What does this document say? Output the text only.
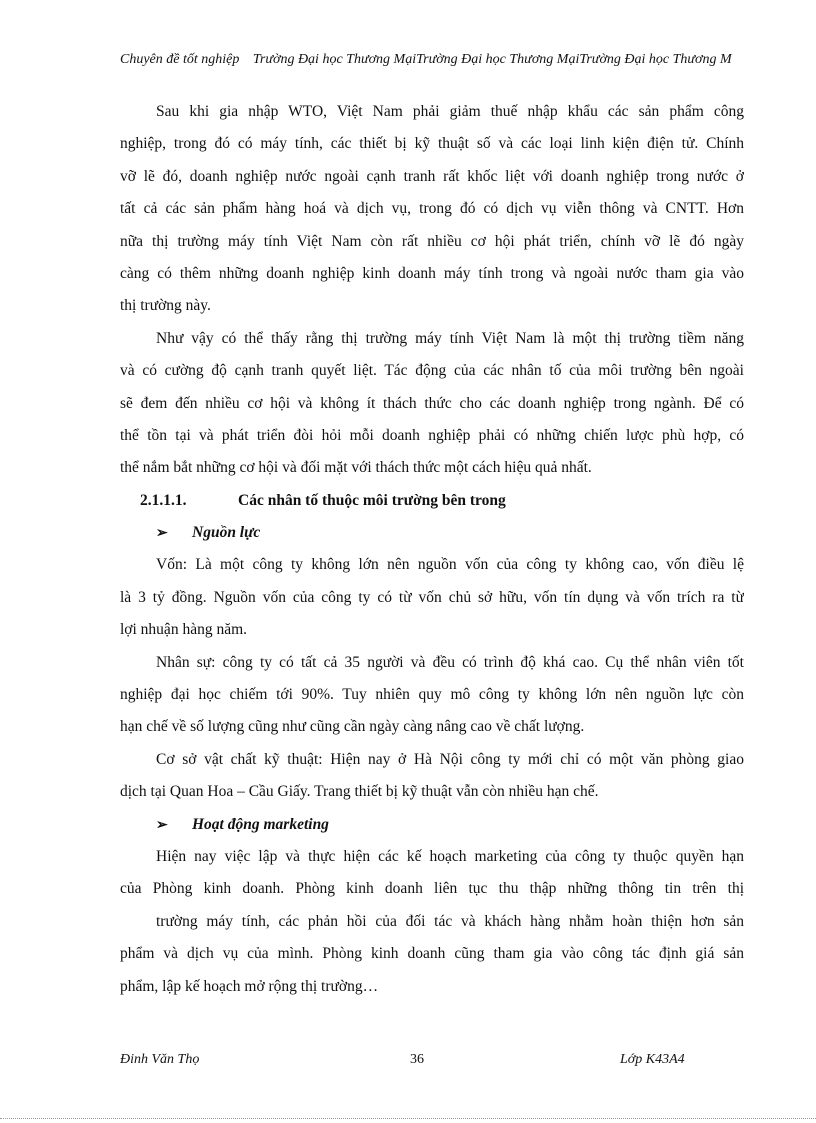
Chuyên đề tốt nghiệp Trường Đại học Thương MạiTrường Đại học Thương MạiTrường Đại học Thương M
Sau khi gia nhập WTO, Việt Nam phải giảm thuế nhập khẩu các sản phẩm công
nghiệp, trong đó có máy tính, các thiết bị kỹ thuật số và các loại linh kiện điện tử. Chính
vỡ lẽ đó, doanh nghiệp nước ngoài cạnh tranh rất khốc liệt với doanh nghiệp trong nước ở
tất cả các sản phẩm hàng hoá và dịch vụ, trong đó có dịch vụ viễn thông và CNTT. Hơn
nữa thị trường máy tính Việt Nam còn rất nhiều cơ hội phát triển, chính vỡ lẽ đó ngày
càng có thêm những doanh nghiệp kinh doanh máy tính trong và ngoài nước tham gia vào
thị trường này.
Như vậy có thể thấy rằng thị trường máy tính Việt Nam là một thị trường tiềm năng
và có cường độ cạnh tranh quyết liệt. Tác động của các nhân tố của môi trường bên ngoài
sẽ đem đến nhiều cơ hội và không ít thách thức cho các doanh nghiệp trong ngành. Để có
thể tồn tại và phát triển đòi hỏi mỗi doanh nghiệp phải có những chiến lược phù hợp, có
thể nắm bắt những cơ hội và đối mặt với thách thức một cách hiệu quả nhất.
2.1.1.1.	Các nhân tố thuộc môi trường bên trong
➢ Nguồn lực
Vốn: Là một công ty không lớn nên nguồn vốn của công ty không cao, vốn điều lệ
là 3 tỷ đồng. Nguồn vốn của công ty có từ vốn chủ sở hữu, vốn tín dụng và vốn trích ra từ
lợi nhuận hàng năm.
Nhân sự: công ty có tất cả 35 người và đều có trình độ khá cao. Cụ thể nhân viên tốt
nghiệp đại học chiếm tới 90%. Tuy nhiên quy mô công ty không lớn nên nguồn lực còn
hạn chế về số lượng cũng như cũng cần ngày càng nâng cao về chất lượng.
Cơ sở vật chất kỹ thuật: Hiện nay ở Hà Nội công ty mới chỉ có một văn phòng giao
dịch tại Quan Hoa – Cầu Giấy. Trang thiết bị kỹ thuật vẫn còn nhiều hạn chế.
➢ Hoạt động marketing
Hiện nay việc lập và thực hiện các kế hoạch marketing của công ty thuộc quyền hạn
của Phòng kinh doanh. Phòng kinh doanh liên tục thu thập những thông tin trên thị
trường máy tính, các phản hồi của đối tác và khách hàng nhằm hoàn thiện hơn sản
phẩm và dịch vụ của mình. Phòng kinh doanh cũng tham gia vào công tác định giá sản
phẩm, lập kế hoạch mở rộng thị trường…
Đinh Văn Thọ	36	Lớp K43A4
